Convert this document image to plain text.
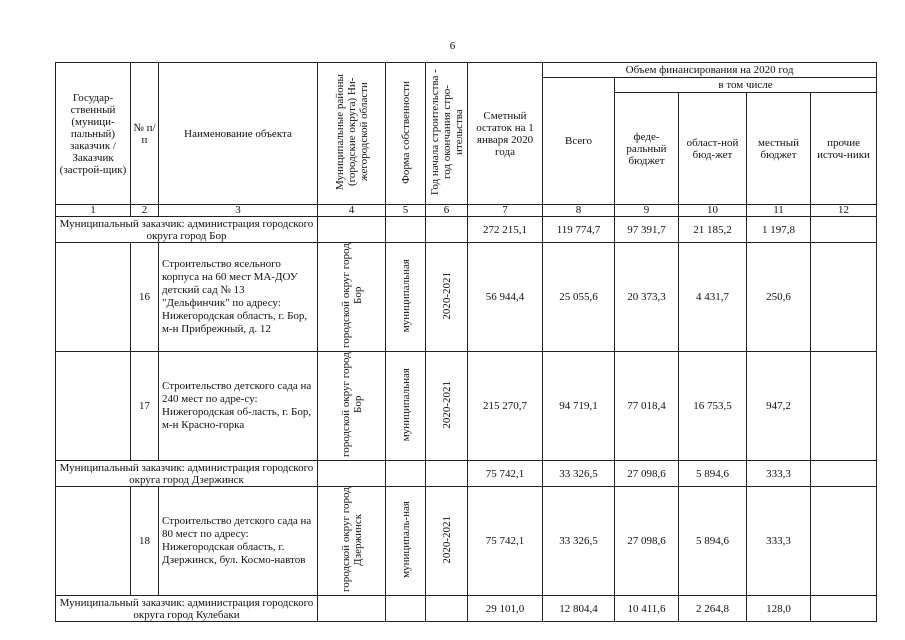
6
Государ-ственный (муници-пальный) заказчик / Заказчик (застрой-щик)	№ п/п	Наименование объекта	Муниципальные районы (городские округа) Ни-жегородской области	Форма собственности	Год начала строительства - год окончания стро-ительства	Сметный остаток на 1 января 2020 года	Объем финансирования на 2020 год				
							Всего	в том числе			
								феде-ральный бюджет	област-ной бюд-жет	местный бюджет	прочие источ-ники
1	2	3	4	5	6	7	8	9	10	11	12
Муниципальный заказчик: администрация городского округа город Бор						272 215,1	119 774,7	97 391,7	21 185,2	1 197,8	
	16	Строительство ясельного корпуса на 60 мест МА-ДОУ детский сад № 13 "Дельфинчик" по адресу: Нижегородская область, г. Бор, м-н Прибрежный, д. 12	городской округ город Бор	муниципальная	2020-2021	56 944,4	25 055,6	20 373,3	4 431,7	250,6	
	17	Строительство детского сада на 240 мест по адре-су: Нижегородская об-ласть, г. Бор, м-н Красно-горка	городской округ город Бор	муниципальная	2020-2021	215 270,7	94 719,1	77 018,4	16 753,5	947,2	
Муниципальный заказчик: администрация городского округа город Дзержинск						75 742,1	33 326,5	27 098,6	5 894,6	333,3	
	18	Строительство детского сада на 80 мест по адресу: Нижегородская область, г. Дзержинск, бул. Космо-навтов	городской округ город Дзержинск	муниципаль-ная	2020-2021	75 742,1	33 326,5	27 098,6	5 894,6	333,3	
Муниципальный заказчик: администрация городского округа город Кулебаки						29 101,0	12 804,4	10 411,6	2 264,8	128,0	
